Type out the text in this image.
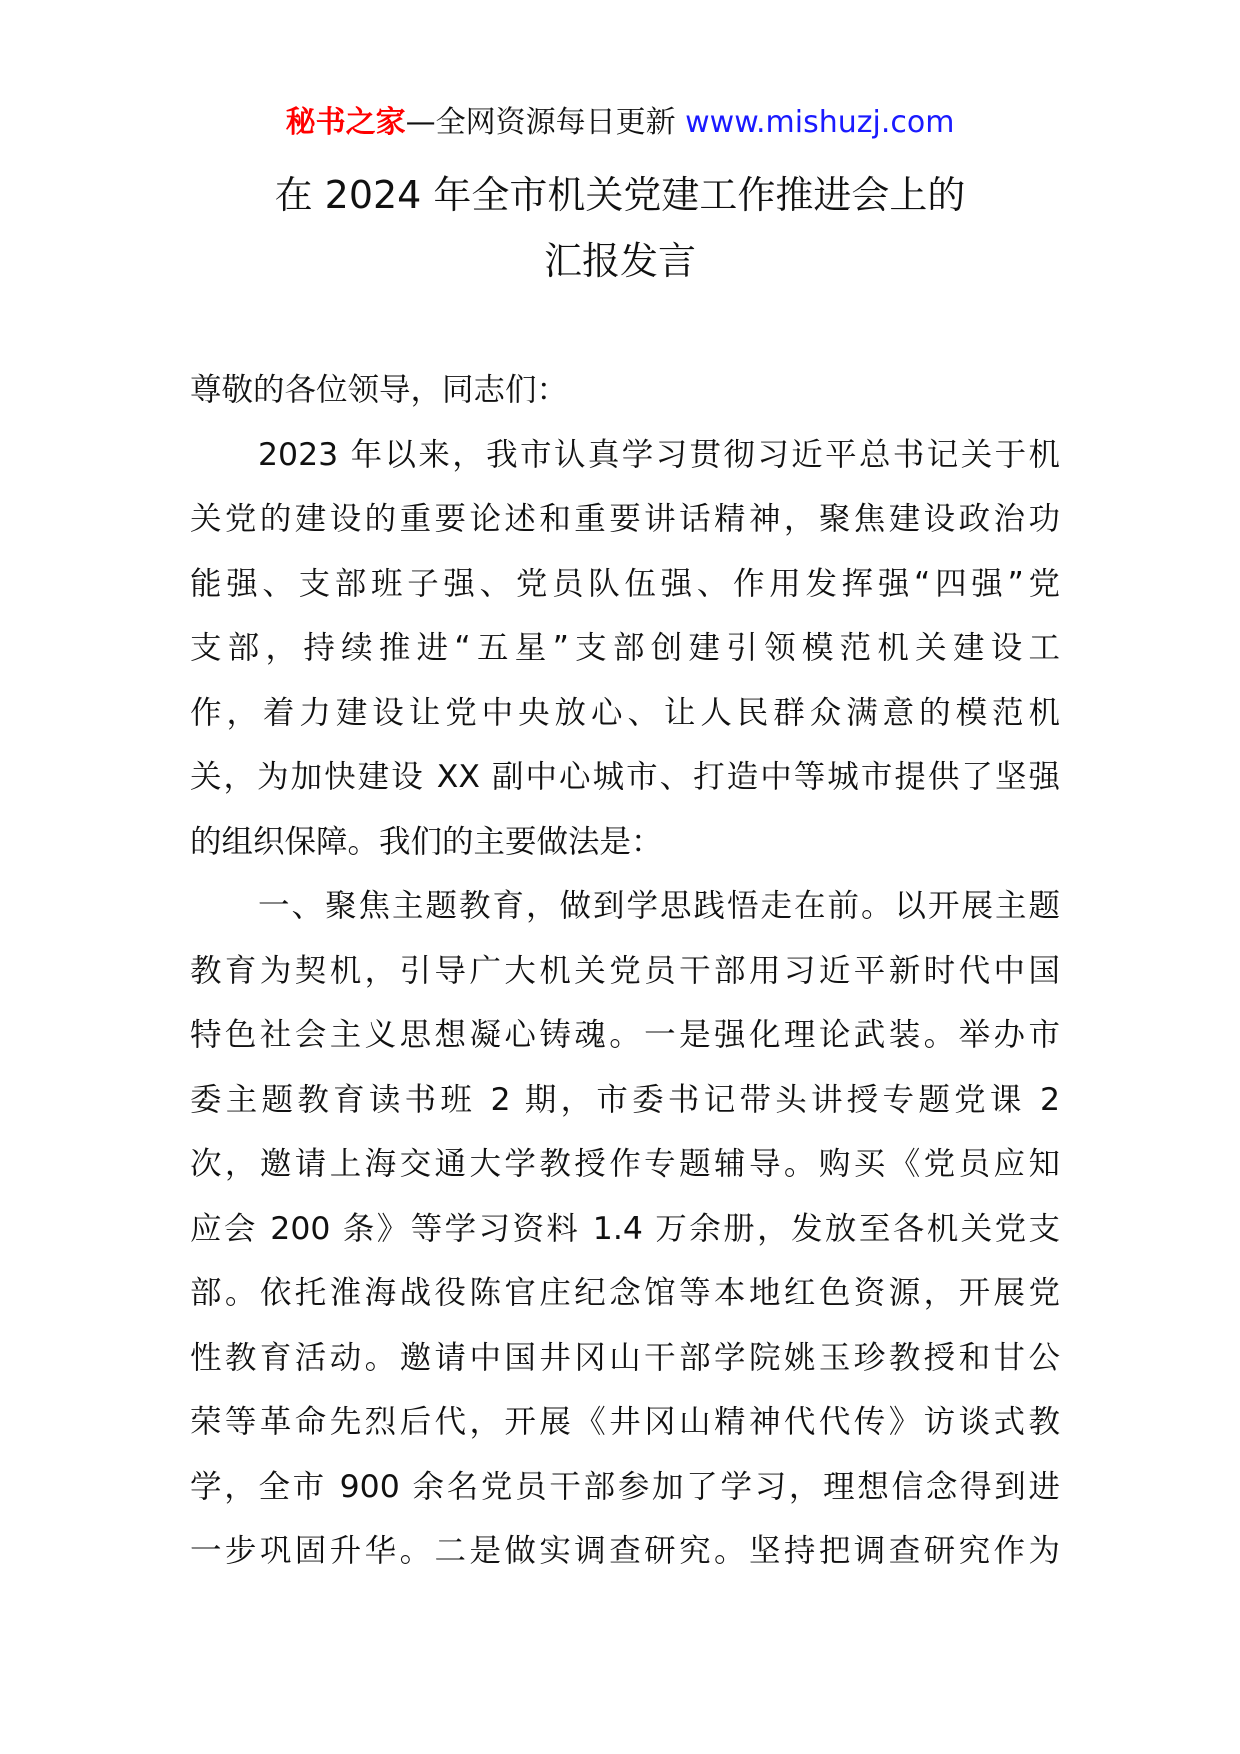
秘书之家—全网资源每日更新 www.mishuzj.com
在 2024 年全市机关党建工作推进会上的
汇报发言
尊敬的各位领导，同志们：
2023 年以来，我市认真学习贯彻习近平总书记关于机
关党的建设的重要论述和重要讲话精神，聚焦建设政治功
能强、支部班子强、党员队伍强、作用发挥强“四强”党
支部，持续推进“五星”支部创建引领模范机关建设工
作，着力建设让党中央放心、让人民群众满意的模范机
关，为加快建设 XX 副中心城市、打造中等城市提供了坚强
的组织保障。我们的主要做法是：
一、聚焦主题教育，做到学思践悟走在前。以开展主题
教育为契机，引导广大机关党员干部用习近平新时代中国
特色社会主义思想凝心铸魂。一是强化理论武装。举办市
委主题教育读书班 2 期，市委书记带头讲授专题党课 2
次，邀请上海交通大学教授作专题辅导。购买《党员应知
应会 200 条》等学习资料 1.4 万余册，发放至各机关党支
部。依托淮海战役陈官庄纪念馆等本地红色资源，开展党
性教育活动。邀请中国井冈山干部学院姚玉珍教授和甘公
荣等革命先烈后代，开展《井冈山精神代代传》访谈式教
学，全市 900 余名党员干部参加了学习，理想信念得到进
一步巩固升华。二是做实调查研究。坚持把调查研究作为
